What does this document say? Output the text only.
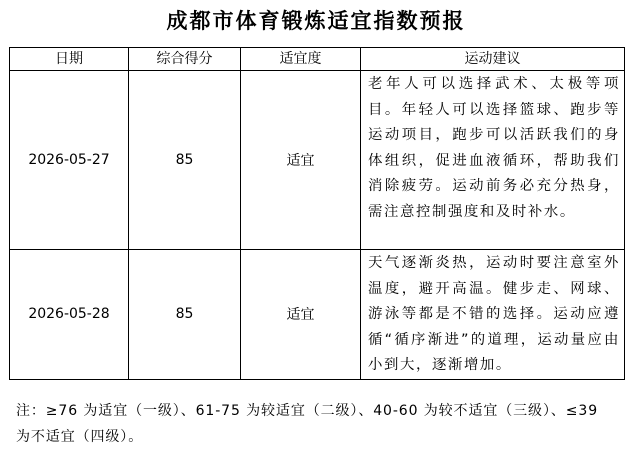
成都市体育锻炼适宜指数预报
日期	综合得分	适宜度	运动建议
2026-05-27	85	适宜	老年人可以选择武术、太极等项目。年轻人可以选择篮球、跑步等运动项目，跑步可以活跃我们的身体组织，促进血液循环，帮助我们消除疲劳。运动前务必充分热身，需注意控制强度和及时补水。
2026-05-28	85	适宜	天气逐渐炎热，运动时要注意室外温度，避开高温。健步走、网球、游泳等都是不错的选择。运动应遵循“循序渐进”的道理，运动量应由小到大，逐渐增加。
注：≥76 为适宜（一级）、61-75 为较适宜（二级）、40-60 为较不适宜（三级）、≤39 为不适宜（四级）。
